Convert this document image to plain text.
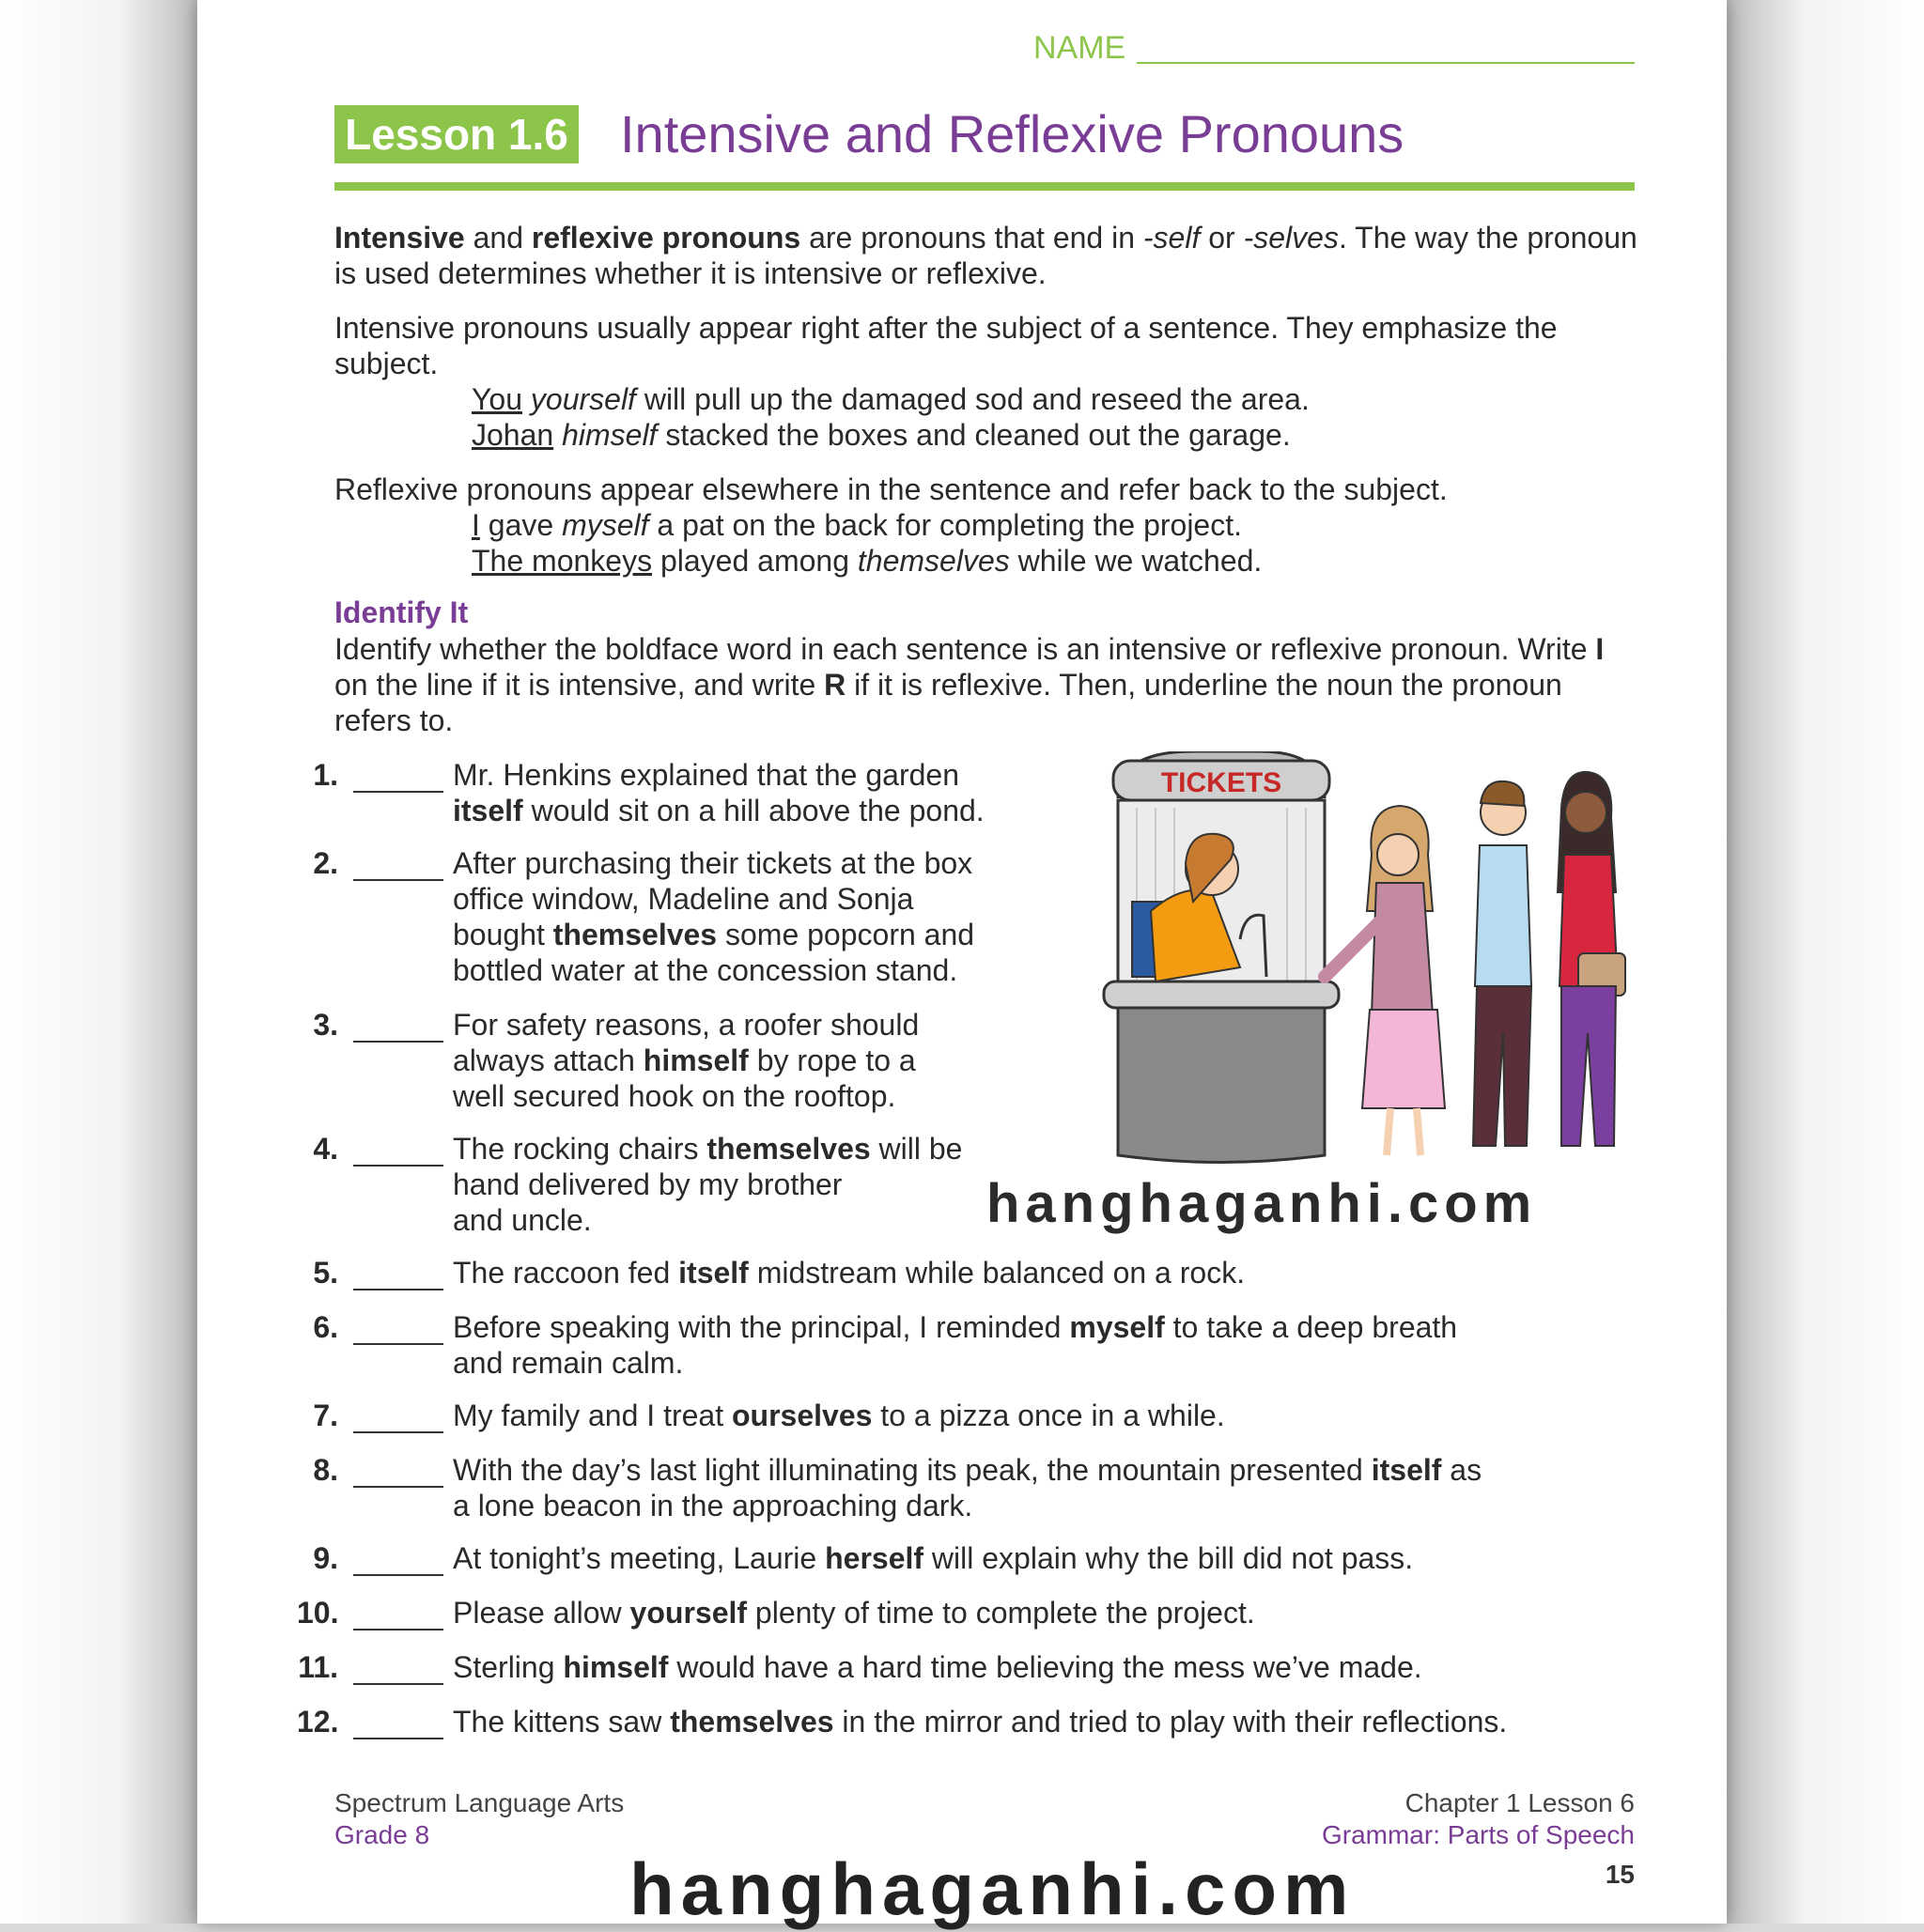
NAME
Lesson 1.6 Intensive and Reflexive Pronouns
Intensive and reflexive pronouns are pronouns that end in -self or -selves. The way the pronoun is used determines whether it is intensive or reflexive.
Intensive pronouns usually appear right after the subject of a sentence. They emphasize the subject.
You yourself will pull up the damaged sod and reseed the area.
Johan himself stacked the boxes and cleaned out the garage.
Reflexive pronouns appear elsewhere in the sentence and refer back to the subject.
I gave myself a pat on the back for completing the project.
The monkeys played among themselves while we watched.
Identify It
Identify whether the boldface word in each sentence is an intensive or reflexive pronoun. Write I on the line if it is intensive, and write R if it is reflexive. Then, underline the noun the pronoun refers to.
1.	Mr. Henkins explained that the garden
itself would sit on a hill above the pond.
2.	After purchasing their tickets at the box
office window, Madeline and Sonja
bought themselves some popcorn and
bottled water at the concession stand.
3.	For safety reasons, a roofer should
always attach himself by rope to a
well secured hook on the rooftop.
4.	The rocking chairs themselves will be
hand delivered by my brother
and uncle.
5.	The raccoon fed itself midstream while balanced on a rock.
6.	Before speaking with the principal, I reminded myself to take a deep breath
and remain calm.
7.	My family and I treat ourselves to a pizza once in a while.
8.	With the day’s last light illuminating its peak, the mountain presented itself as
a lone beacon in the approaching dark.
9.	At tonight’s meeting, Laurie herself will explain why the bill did not pass.
10.	Please allow yourself plenty of time to complete the project.
11.	Sterling himself would have a hard time believing the mess we’ve made.
12.	The kittens saw themselves in the mirror and tried to play with their reflections.
TICKETS
hanghaganhi.com
Spectrum Language Arts
Grade 8
Chapter 1 Lesson 6
Grammar: Parts of Speech
15
hanghaganhi.com
